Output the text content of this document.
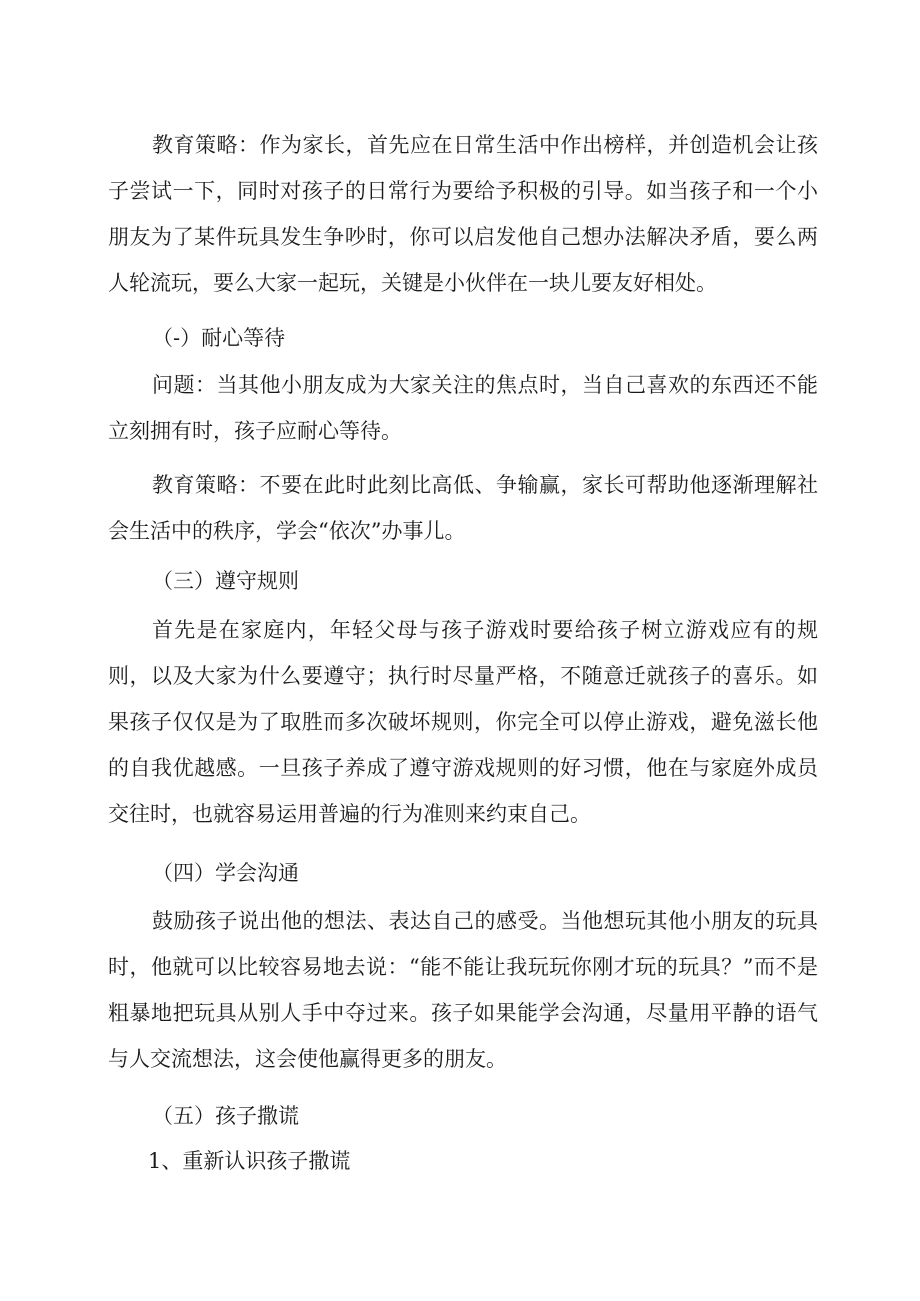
教育策略：作为家长，首先应在日常生活中作出榜样，并创造机会让孩子尝试一下，同时对孩子的日常行为要给予积极的引导。如当孩子和一个小朋友为了某件玩具发生争吵时，你可以启发他自己想办法解决矛盾，要么两人轮流玩，要么大家一起玩，关键是小伙伴在一块儿要友好相处。

（-）耐心等待

问题：当其他小朋友成为大家关注的焦点时，当自己喜欢的东西还不能立刻拥有时，孩子应耐心等待。

教育策略：不要在此时此刻比高低、争输赢，家长可帮助他逐渐理解社会生活中的秩序，学会“依次”办事儿。

（三）遵守规则

首先是在家庭内，年轻父母与孩子游戏时要给孩子树立游戏应有的规则，以及大家为什么要遵守；执行时尽量严格，不随意迁就孩子的喜乐。如果孩子仅仅是为了取胜而多次破坏规则，你完全可以停止游戏，避免滋长他的自我优越感。一旦孩子养成了遵守游戏规则的好习惯，他在与家庭外成员交往时，也就容易运用普遍的行为准则来约束自己。

（四）学会沟通

鼓励孩子说出他的想法、表达自己的感受。当他想玩其他小朋友的玩具时，他就可以比较容易地去说：“能不能让我玩玩你刚才玩的玩具？”而不是粗暴地把玩具从别人手中夺过来。孩子如果能学会沟通，尽量用平静的语气与人交流想法，这会使他赢得更多的朋友。

（五）孩子撒谎
1、重新认识孩子撒谎
